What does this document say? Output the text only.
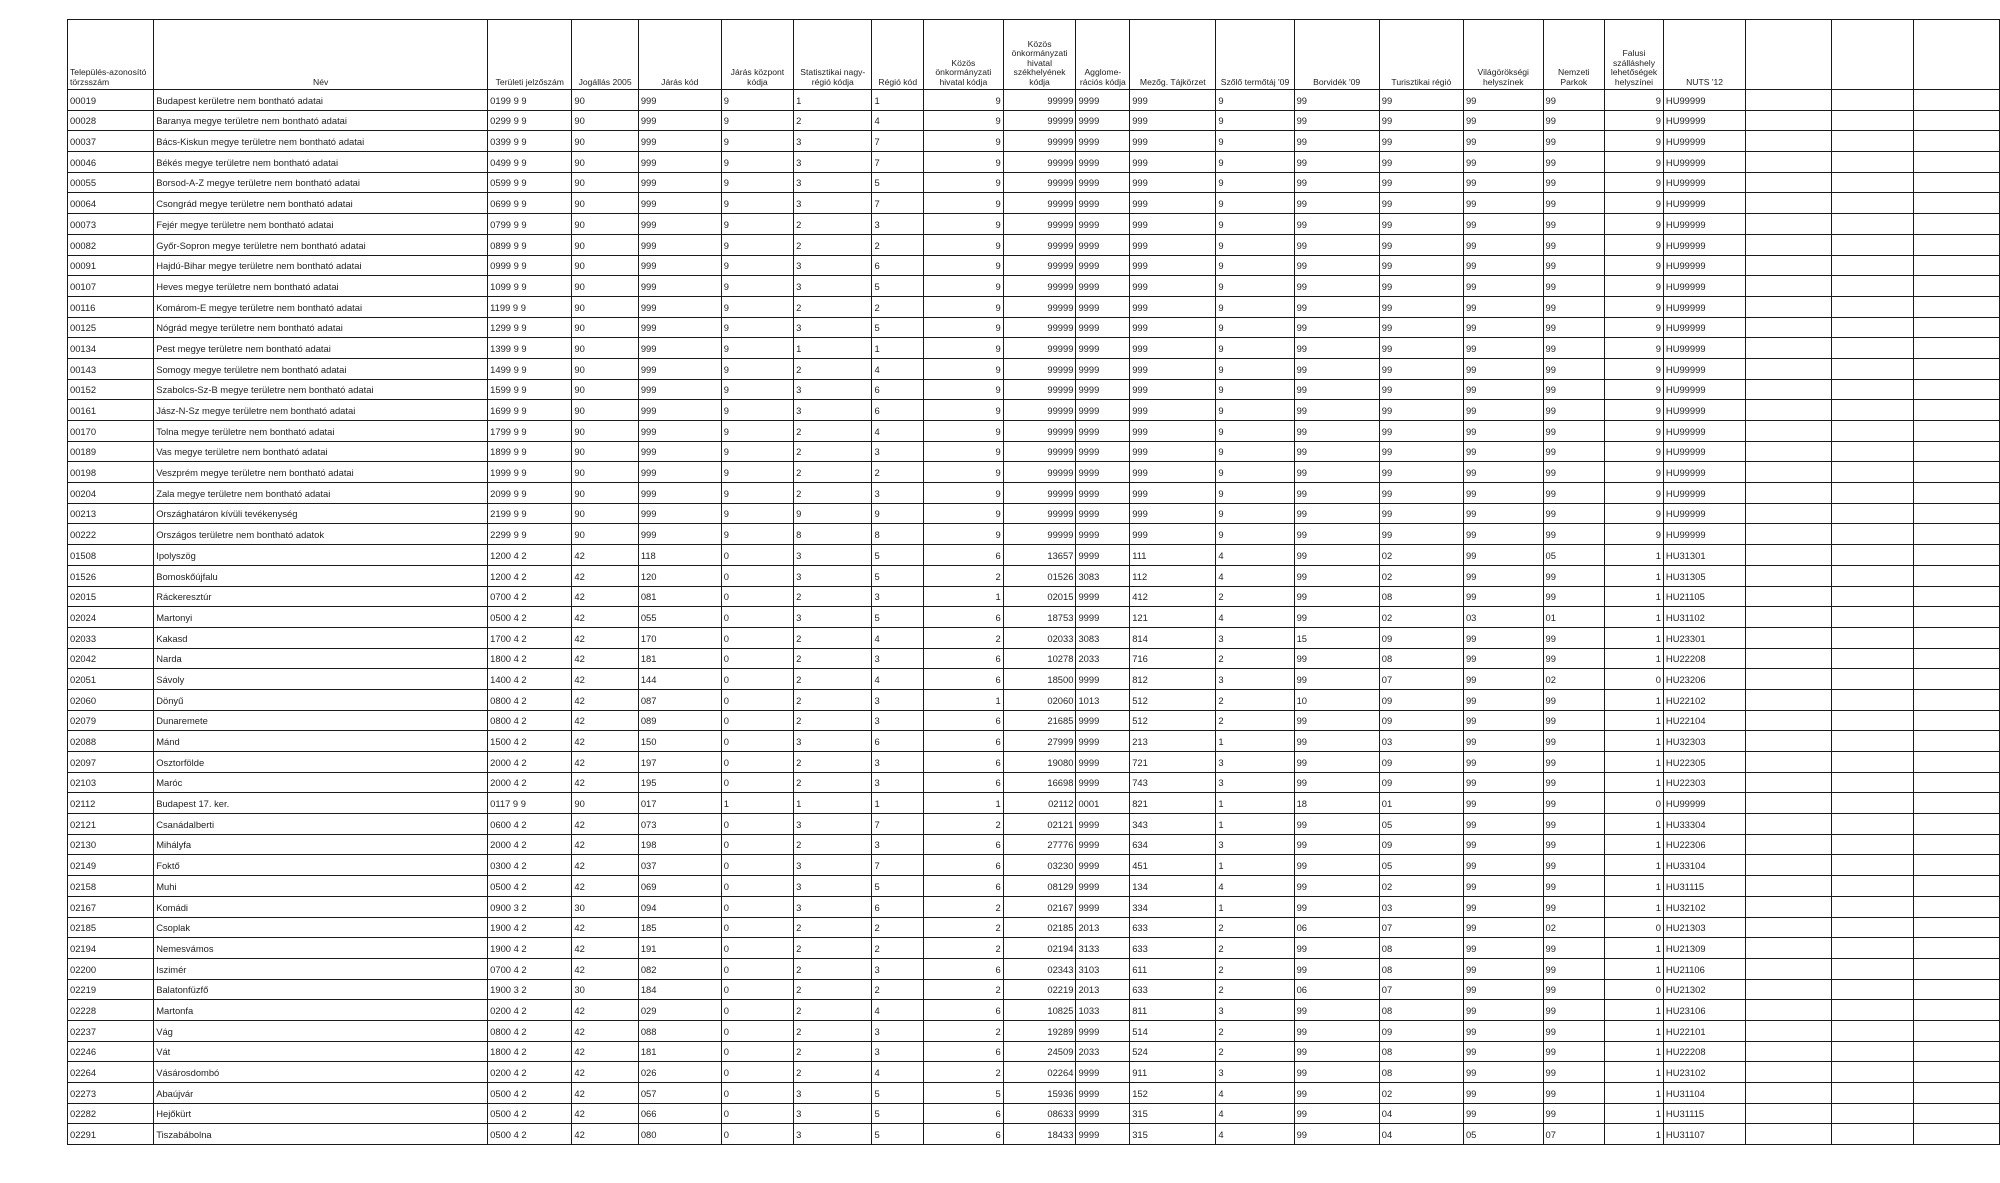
Település-azonosító törzsszám	Név	Területi jelzőszám	Jogállás 2005	Járás kód	Járás központ kódja	Statisztikai nagy-régió kódja	Régió kód	Közös önkormányzati hivatal kódja	Közös önkormányzati hivatal székhelyének kódja	Agglome-rációs kódja	Mezőg. Tájkörzet	Szőlő termőtáj '09	Borvidék '09	Turisztikai régió	Világörökségi helyszínek	Nemzeti Parkok	Falusi szálláshely lehetőségek helyszínei	NUTS '12			
00019	Budapest kerületre nem bontható adatai	0199 9 9	90	999	9	1	1	9	99999	9999	999	9	99	99	99	99	9	HU99999			
00028	Baranya megye területre nem bontható adatai	0299 9 9	90	999	9	2	4	9	99999	9999	999	9	99	99	99	99	9	HU99999			
00037	Bács-Kiskun megye területre nem bontható adatai	0399 9 9	90	999	9	3	7	9	99999	9999	999	9	99	99	99	99	9	HU99999			
00046	Békés megye területre nem bontható adatai	0499 9 9	90	999	9	3	7	9	99999	9999	999	9	99	99	99	99	9	HU99999			
00055	Borsod-A-Z megye területre nem bontható adatai	0599 9 9	90	999	9	3	5	9	99999	9999	999	9	99	99	99	99	9	HU99999			
00064	Csongrád megye területre nem bontható adatai	0699 9 9	90	999	9	3	7	9	99999	9999	999	9	99	99	99	99	9	HU99999			
00073	Fejér megye területre nem bontható adatai	0799 9 9	90	999	9	2	3	9	99999	9999	999	9	99	99	99	99	9	HU99999			
00082	Győr-Sopron megye területre nem bontható adatai	0899 9 9	90	999	9	2	2	9	99999	9999	999	9	99	99	99	99	9	HU99999			
00091	Hajdú-Bihar megye területre nem bontható adatai	0999 9 9	90	999	9	3	6	9	99999	9999	999	9	99	99	99	99	9	HU99999			
00107	Heves megye területre nem bontható adatai	1099 9 9	90	999	9	3	5	9	99999	9999	999	9	99	99	99	99	9	HU99999			
00116	Komárom-E megye területre nem bontható adatai	1199 9 9	90	999	9	2	2	9	99999	9999	999	9	99	99	99	99	9	HU99999			
00125	Nógrád megye területre nem bontható adatai	1299 9 9	90	999	9	3	5	9	99999	9999	999	9	99	99	99	99	9	HU99999			
00134	Pest megye területre nem bontható adatai	1399 9 9	90	999	9	1	1	9	99999	9999	999	9	99	99	99	99	9	HU99999			
00143	Somogy megye területre nem bontható adatai	1499 9 9	90	999	9	2	4	9	99999	9999	999	9	99	99	99	99	9	HU99999			
00152	Szabolcs-Sz-B megye területre nem bontható adatai	1599 9 9	90	999	9	3	6	9	99999	9999	999	9	99	99	99	99	9	HU99999			
00161	Jász-N-Sz megye területre nem bontható adatai	1699 9 9	90	999	9	3	6	9	99999	9999	999	9	99	99	99	99	9	HU99999			
00170	Tolna megye területre nem bontható adatai	1799 9 9	90	999	9	2	4	9	99999	9999	999	9	99	99	99	99	9	HU99999			
00189	Vas megye területre nem bontható adatai	1899 9 9	90	999	9	2	3	9	99999	9999	999	9	99	99	99	99	9	HU99999			
00198	Veszprém megye területre nem bontható adatai	1999 9 9	90	999	9	2	2	9	99999	9999	999	9	99	99	99	99	9	HU99999			
00204	Zala megye területre nem bontható adatai	2099 9 9	90	999	9	2	3	9	99999	9999	999	9	99	99	99	99	9	HU99999			
00213	Országhatáron kívüli tevékenység	2199 9 9	90	999	9	9	9	9	99999	9999	999	9	99	99	99	99	9	HU99999			
00222	Országos területre nem bontható adatok	2299 9 9	90	999	9	8	8	9	99999	9999	999	9	99	99	99	99	9	HU99999			
01508	Ipolyszög	1200 4 2	42	118	0	3	5	6	13657	9999	111	4	99	02	99	05	1	HU31301			
01526	Bomoskőújfalu	1200 4 2	42	120	0	3	5	2	01526	3083	112	4	99	02	99	99	1	HU31305			
02015	Ráckeresztúr	0700 4 2	42	081	0	2	3	1	02015	9999	412	2	99	08	99	99	1	HU21105			
02024	Martonyi	0500 4 2	42	055	0	3	5	6	18753	9999	121	4	99	02	03	01	1	HU31102			
02033	Kakasd	1700 4 2	42	170	0	2	4	2	02033	3083	814	3	15	09	99	99	1	HU23301			
02042	Narda	1800 4 2	42	181	0	2	3	6	10278	2033	716	2	99	08	99	99	1	HU22208			
02051	Sávoly	1400 4 2	42	144	0	2	4	6	18500	9999	812	3	99	07	99	02	0	HU23206			
02060	Dönyű	0800 4 2	42	087	0	2	3	1	02060	1013	512	2	10	09	99	99	1	HU22102			
02079	Dunaremete	0800 4 2	42	089	0	2	3	6	21685	9999	512	2	99	09	99	99	1	HU22104			
02088	Mánd	1500 4 2	42	150	0	3	6	6	27999	9999	213	1	99	03	99	99	1	HU32303			
02097	Osztorfölde	2000 4 2	42	197	0	2	3	6	19080	9999	721	3	99	09	99	99	1	HU22305			
02103	Maróc	2000 4 2	42	195	0	2	3	6	16698	9999	743	3	99	09	99	99	1	HU22303			
02112	Budapest 17. ker.	0117 9 9	90	017	1	1	1	1	02112	0001	821	1	18	01	99	99	0	HU99999			
02121	Csanádalberti	0600 4 2	42	073	0	3	7	2	02121	9999	343	1	99	05	99	99	1	HU33304			
02130	Mihályfa	2000 4 2	42	198	0	2	3	6	27776	9999	634	3	99	09	99	99	1	HU22306			
02149	Foktő	0300 4 2	42	037	0	3	7	6	03230	9999	451	1	99	05	99	99	1	HU33104			
02158	Muhi	0500 4 2	42	069	0	3	5	6	08129	9999	134	4	99	02	99	99	1	HU31115			
02167	Komádi	0900 3 2	30	094	0	3	6	2	02167	9999	334	1	99	03	99	99	1	HU32102			
02185	Csoplak	1900 4 2	42	185	0	2	2	2	02185	2013	633	2	06	07	99	02	0	HU21303			
02194	Nemesvámos	1900 4 2	42	191	0	2	2	2	02194	3133	633	2	99	08	99	99	1	HU21309			
02200	Iszimér	0700 4 2	42	082	0	2	3	6	02343	3103	611	2	99	08	99	99	1	HU21106			
02219	Balatonfüzfő	1900 3 2	30	184	0	2	2	2	02219	2013	633	2	06	07	99	99	0	HU21302			
02228	Martonfa	0200 4 2	42	029	0	2	4	6	10825	1033	811	3	99	08	99	99	1	HU23106			
02237	Vág	0800 4 2	42	088	0	2	3	2	19289	9999	514	2	99	09	99	99	1	HU22101			
02246	Vát	1800 4 2	42	181	0	2	3	6	24509	2033	524	2	99	08	99	99	1	HU22208			
02264	Vásárosdombó	0200 4 2	42	026	0	2	4	2	02264	9999	911	3	99	08	99	99	1	HU23102			
02273	Abaújvár	0500 4 2	42	057	0	3	5	5	15936	9999	152	4	99	02	99	99	1	HU31104			
02282	Hejőkürt	0500 4 2	42	066	0	3	5	6	08633	9999	315	4	99	04	99	99	1	HU31115			
02291	Tiszabábolna	0500 4 2	42	080	0	3	5	6	18433	9999	315	4	99	04	05	07	1	HU31107			
